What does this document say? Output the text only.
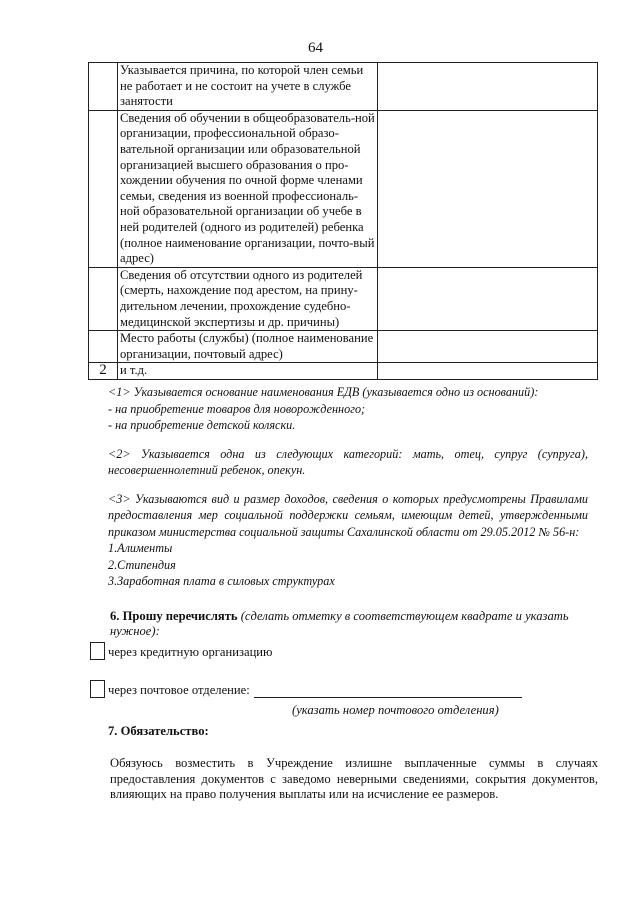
64
	Указывается причина, по которой член семьи не работает и не состоит на учете в службе занятости	
	Сведения об обучении в общеобразователь-ной организации, профессиональной образо-вательной организации или образовательной организацией высшего образования о про-хождении обучения по очной форме членами семьи, сведения из военной профессиональ-ной образовательной организации об учебе в ней родителей (одного из родителей) ребенка (полное наименование организации, почто-вый адрес)	
	Сведения об отсутствии одного из родителей (смерть, нахождение под арестом, на прину-дительном лечении, прохождение судебно-медицинской экспертизы и др. причины)	
	Место работы (службы) (полное наименование организации, почтовый адрес)	
2	и т.д.	

<1> Указывается основание наименования ЕДВ (указывается одно из оснований):

- на приобретение товаров для новорожденного;

- на приобретение детской коляски.

<2> Указывается одна из следующих категорий: мать, отец, супруг (супруга), несовершеннолетний ребенок, опекун.

<3> Указываются вид и размер доходов, сведения о которых предусмотрены Правилами предоставления мер социальной поддержки семьям, имеющим детей, утвержденными приказом министерства социальной защиты Сахалинской области от 29.05.2012 № 56-н:

1.Алименты

2.Стипендия

3.Заработная плата в силовых структурах

6. Прошу перечислять (сделать отметку в соответствующем квадрате и указать нужное):
через кредитную организацию
через почтовое отделение:
(указать номер почтового отделения)
7. Обязательство:
Обязуюсь возместить в Учреждение излишне выплаченные суммы в случаях предоставления документов с заведомо неверными сведениями, сокрытия документов, влияющих на право получения выплаты или на исчисление ее размеров.
